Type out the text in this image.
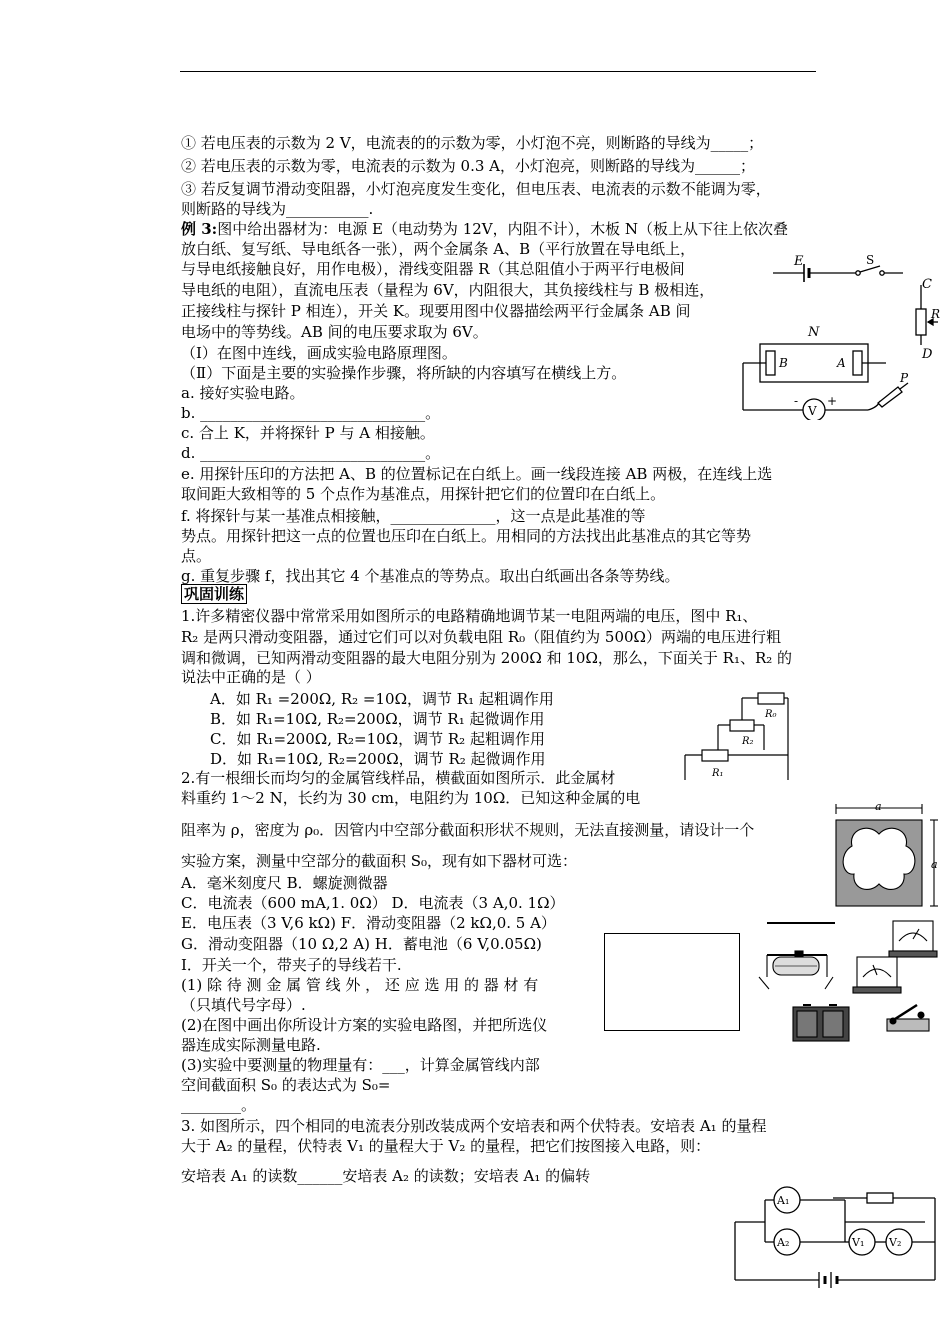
① 若电压表的示数为 2 V，电流表的的示数为零，小灯泡不亮，则断路的导线为_____；
② 若电压表的示数为零，电流表的示数为 0.3 A，小灯泡亮，则断路的导线为______；
③ 若反复调节滑动变阻器，小灯泡亮度发生变化，但电压表、电流表的示数不能调为零，
则断路的导线为___________.
例 3:图中给出器材为：电源 E（电动势为 12V，内阻不计），木板 N（板上从下往上依次叠
放白纸、复写纸、导电纸各一张），两个金属条 A、B（平行放置在导电纸上，
与导电纸接触良好，用作电极），滑线变阻器 R（其总阻值小于两平行电极间
导电纸的电阻），直流电压表（量程为 6V，内阻很大，其负接线柱与 B 极相连，
正接线柱与探针 P 相连），开关 K。现要用图中仪器描绘两平行金属条 AB 间
电场中的等势线。AB 间的电压要求取为 6V。
（Ⅰ）在图中连线，画成实验电路原理图。
（Ⅱ）下面是主要的实验操作步骤，将所缺的内容填写在横线上方。
a. 接好实验电路。
b. ______________________________。
c. 合上 K，并将探针 P 与 A 相接触。
d. ______________________________。
e. 用探针压印的方法把 A、B 的位置标记在白纸上。画一线段连接 AB 两极，在连线上选
取间距大致相等的 5 个点作为基准点，用探针把它们的位置印在白纸上。
f. 将探针与某一基准点相接触，______________，这一点是此基准的等
势点。用探针把这一点的位置也压印在白纸上。用相同的方法找出此基准点的其它等势
点。
g. 重复步骤 f，找出其它 4 个基准点的等势点。取出白纸画出各条等势线。
巩固训练
1.许多精密仪器中常常采用如图所示的电路精确地调节某一电阻两端的电压，图中 R₁、
R₂ 是两只滑动变阻器，通过它们可以对负载电阻 R₀（阻值约为 500Ω）两端的电压进行粗
调和微调，已知两滑动变阻器的最大电阻分别为 200Ω 和 10Ω，那么，下面关于 R₁、R₂ 的
说法中正确的是（ ）
A．如 R₁ =200Ω, R₂ =10Ω，调节 R₁ 起粗调作用
B．如 R₁=10Ω, R₂=200Ω，调节 R₁ 起微调作用
C．如 R₁=200Ω, R₂=10Ω，调节 R₂ 起粗调作用
D．如 R₁=10Ω, R₂=200Ω，调节 R₂ 起微调作用
2.有一根细长而均匀的金属管线样品，横截面如图所示．此金属材
料重约 1～2 N，长约为 30 cm，电阻约为 10Ω．已知这种金属的电
阻率为 ρ，密度为 ρ₀．因管内中空部分截面积形状不规则，无法直接测量，请设计一个
实验方案，测量中空部分的截面积 S₀，现有如下器材可选：
A．毫米刻度尺 B．螺旋测微器
C．电流表（600 mA,1. 0Ω） D．电流表（3 A,0. 1Ω）
E．电压表（3 V,6 kΩ) F．滑动变阻器（2 kΩ,0. 5 A）
G．滑动变阻器（10 Ω,2 A) H．蓄电池（6 V,0.05Ω)
I．开关一个，带夹子的导线若干.
(1) 除 待 测 金 属 管 线 外 ， 还 应 选 用 的 器 材 有
（只填代号字母）.
(2)在图中画出你所设计方案的实验电路图，并把所选仪
器连成实际测量电路.
(3)实验中要测量的物理量有：___，计算金属管线内部
空间截面积 S₀ 的表达式为 S₀=
________。
3. 如图所示，四个相同的电流表分别改装成两个安培表和两个伏特表。安培表 A₁ 的量程
大于 A₂ 的量程，伏特表 V₁ 的量程大于 V₂ 的量程，把它们按图接入电路，则：
安培表 A₁ 的读数______安培表 A₂ 的读数；安培表 A₁ 的偏转
E	S
C
R
D
N
B	A
V
- +
P
R₀
R₂
R₁
a
a
A₁
A₂	V₁ V₂
